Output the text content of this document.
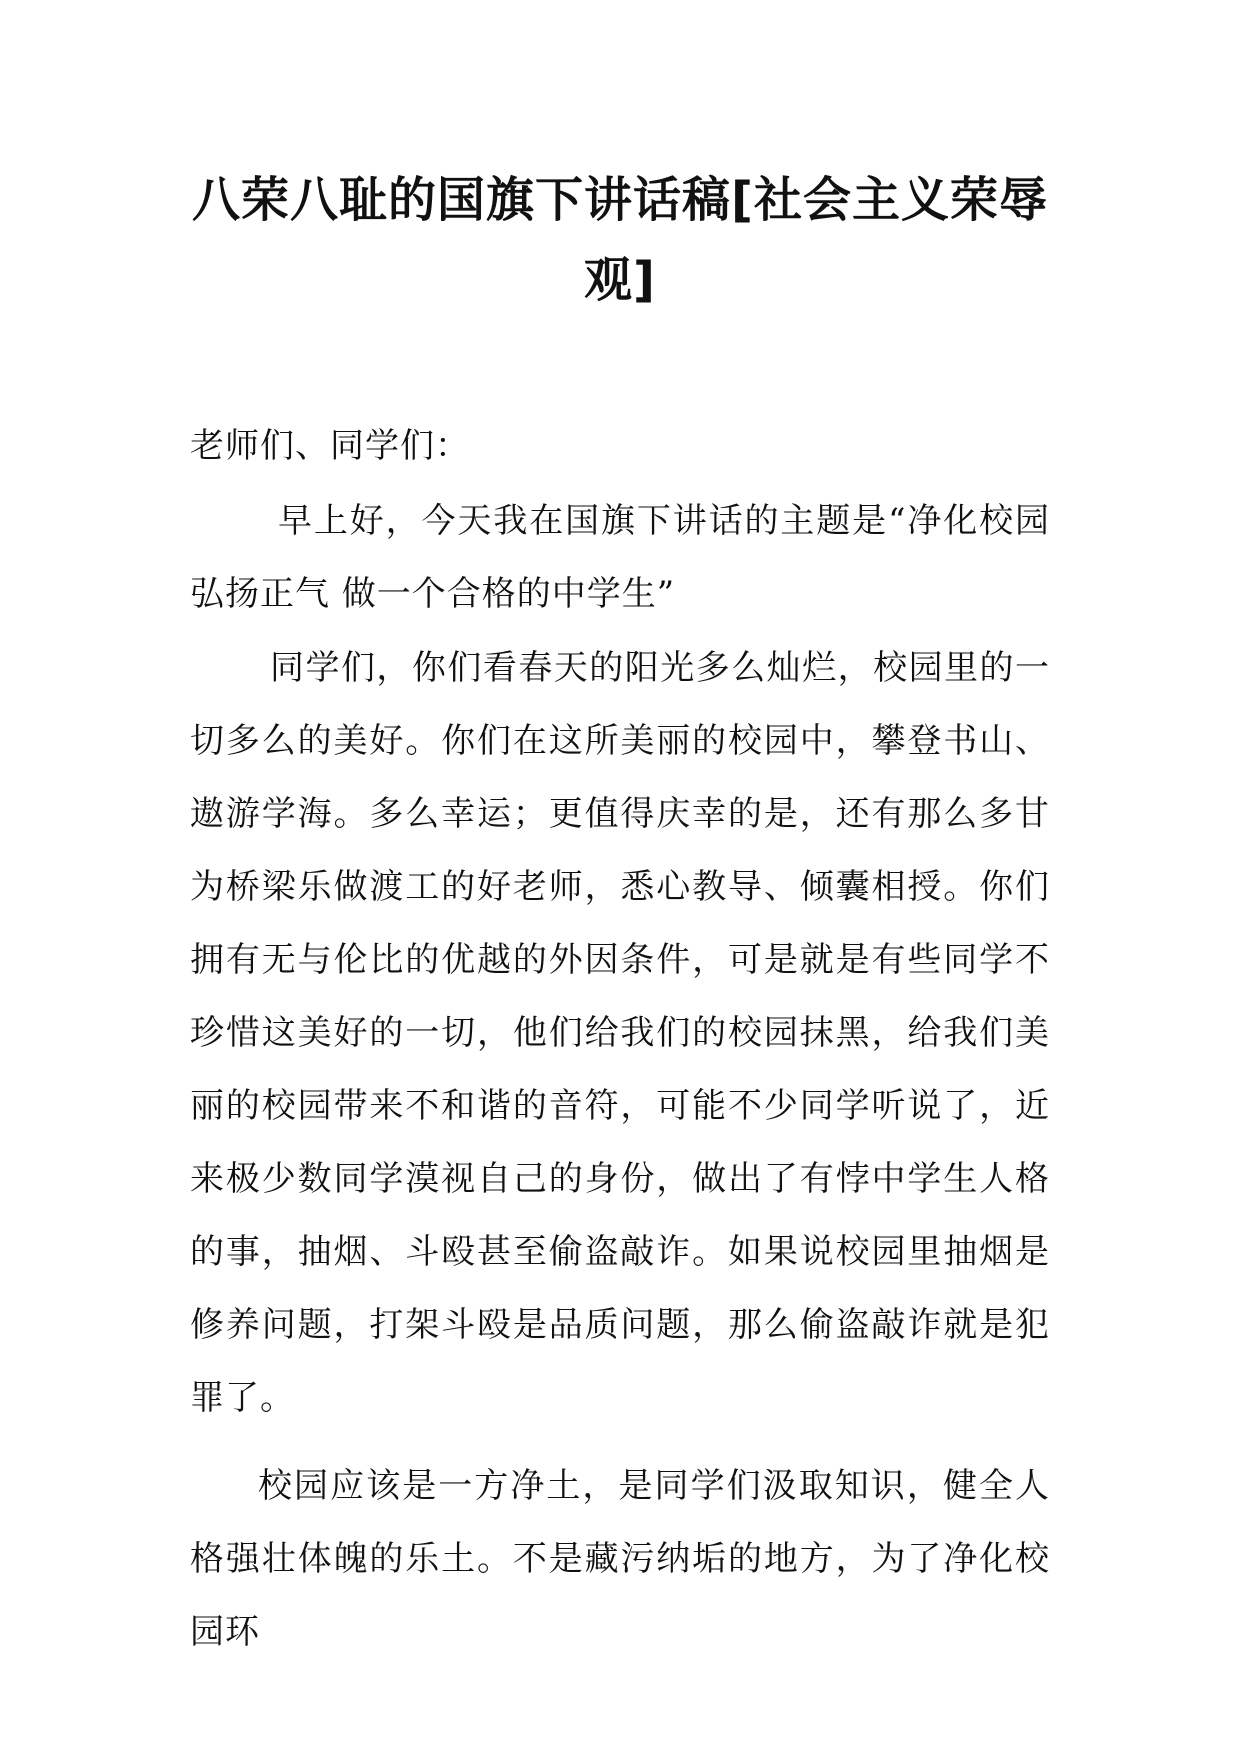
八荣八耻的国旗下讲话稿[社会主义荣辱观]

老师们、同学们：

早上好，今天我在国旗下讲话的主题是“净化校园弘扬正气 做一个合格的中学生”

同学们，你们看春天的阳光多么灿烂，校园里的一切多么的美好。你们在这所美丽的校园中，攀登书山、遨游学海。多么幸运；更值得庆幸的是，还有那么多甘为桥梁乐做渡工的好老师，悉心教导、倾囊相授。你们拥有无与伦比的优越的外因条件，可是就是有些同学不珍惜这美好的一切，他们给我们的校园抹黑，给我们美丽的校园带来不和谐的音符，可能不少同学听说了，近来极少数同学漠视自己的身份，做出了有悖中学生人格的事，抽烟、斗殴甚至偷盗敲诈。如果说校园里抽烟是修养问题，打架斗殴是品质问题，那么偷盗敲诈就是犯罪了。

校园应该是一方净土，是同学们汲取知识，健全人格强壮体魄的乐土。不是藏污纳垢的地方，为了净化校园环
